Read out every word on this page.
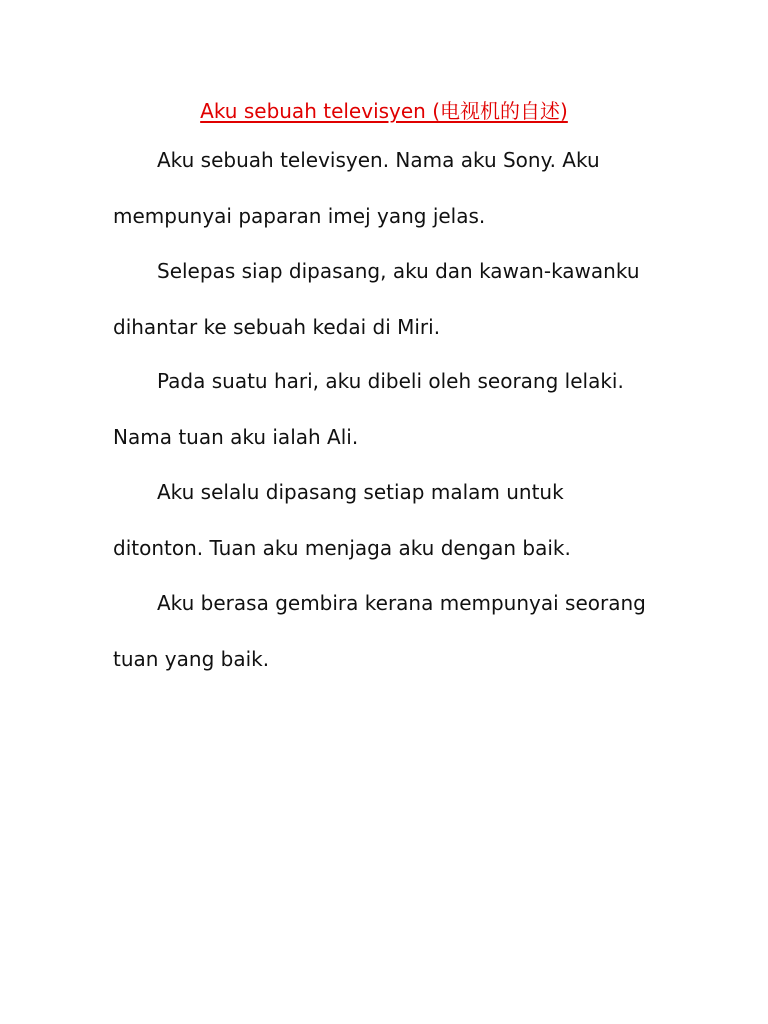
Aku sebuah televisyen (电视机的自述)
Aku sebuah televisyen. Nama aku Sony. Aku
mempunyai paparan imej yang jelas.
Selepas siap dipasang, aku dan kawan-kawanku
dihantar ke sebuah kedai di Miri.
Pada suatu hari, aku dibeli oleh seorang lelaki.
Nama tuan aku ialah Ali.
Aku selalu dipasang setiap malam untuk
ditonton. Tuan aku menjaga aku dengan baik.
Aku berasa gembira kerana mempunyai seorang
tuan yang baik.
